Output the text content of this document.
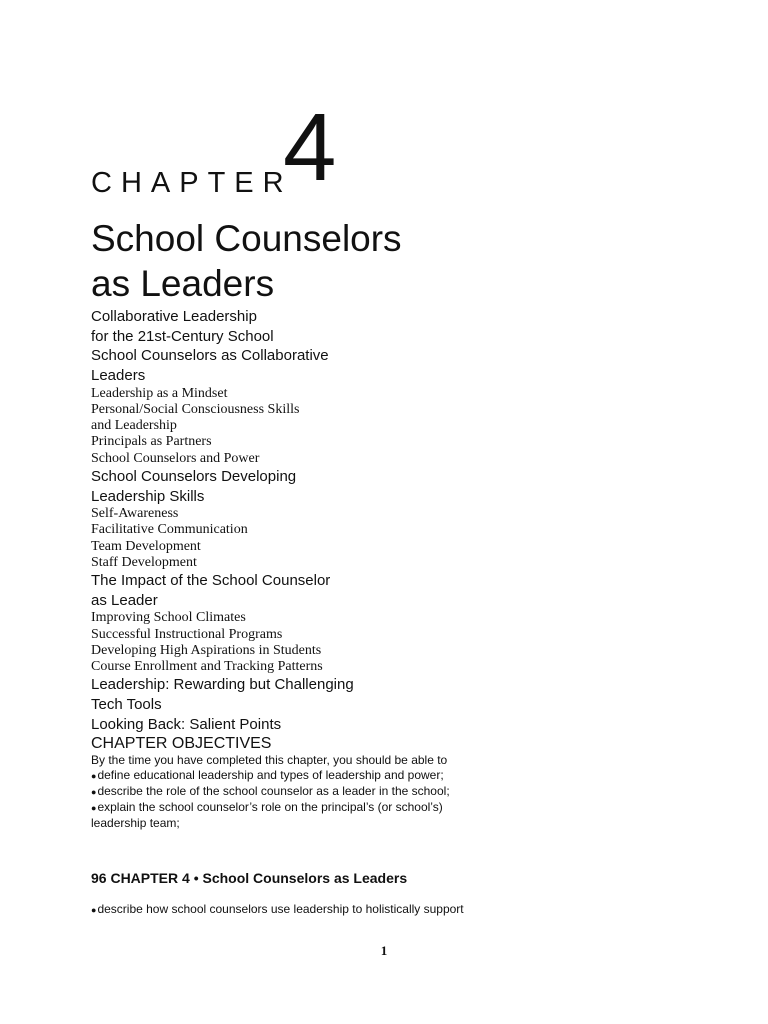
CHAPTER
4
School Counselors
as Leaders
Collaborative Leadership
for the 21st-Century School
School Counselors as Collaborative
Leaders
Leadership as a Mindset
Personal/Social Consciousness Skills
and Leadership
Principals as Partners
School Counselors and Power
School Counselors Developing
Leadership Skills
Self-Awareness
Facilitative Communication
Team Development
Staff Development
The Impact of the School Counselor
as Leader
Improving School Climates
Successful Instructional Programs
Developing High Aspirations in Students
Course Enrollment and Tracking Patterns
Leadership: Rewarding but Challenging
Tech Tools
Looking Back: Salient Points
CHAPTER OBJECTIVES
By the time you have completed this chapter, you should be able to
● define educational leadership and types of leadership and power;
● describe the role of the school counselor as a leader in the school;
● explain the school counselor’s role on the principal’s (or school’s)
leadership team;
96 CHAPTER 4 • School Counselors as Leaders
● describe how school counselors use leadership to holistically support
1
